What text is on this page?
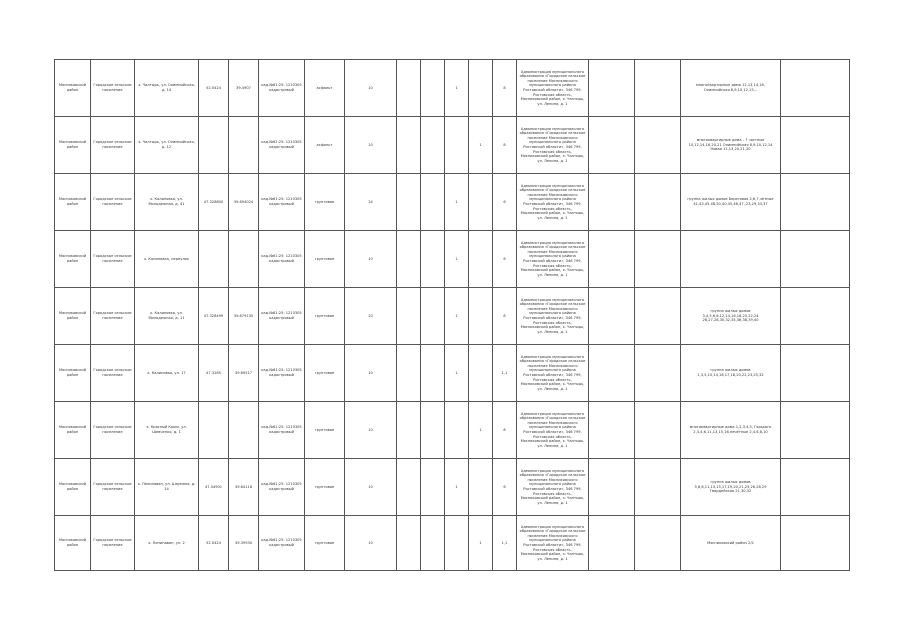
Мясниковский район	Городское сельское поселение	х. Чалтырь, ул. Олимпийская, д. 14	52.0424	39.4907	кад.№61:25: 1210305 кадастровый	асфальт	10			1		8	Администрация муниципального образования «Городское сельское поселение Мясниковского муниципального района Ростовской области», 346 799, Ростовская область, Мясниковский район, х. Чалтырь, ул. Ленина, д. 1			многоквартирные дома 12,13,14,16, Олимпийская 8,9,10,12,15,..	
Мясниковский район	Городское сельское поселение	х. Чалтырь, ул. Олимпийская, д. 12			кад.№61:25: 1210305 кадастровый	асфальт	10				1	8	Администрация муниципального образования «Городское сельское поселение Мясниковского муниципального района Ростовской области», 346 799, Ростовская область, Мясниковский район, х. Чалтырь, ул. Ленина, д. 1			многоквартирные дома - 7 частные 10,12,14,16,20,21 Олимпийская 8,9,10,12,14 Новая 11,13,20,21,30	
Мясниковский район	Городское сельское поселение	х. Калиновка, ул. Молодежная, д. 41	47.328800	39.694024	кад.№61:25: 1210305 кадастровый	грунтовое	24			1		6	Администрация муниципального образования «Городское сельское поселение Мясниковского муниципального района Ростовской области», 346 799, Ростовская область, Мясниковский район, х. Чалтырь, ул. Ленина, д. 1			группа жилых домов Береговая 2,6,7,чётные 41,43,45,48,50,40,45,46,47,,23,29,33,37	
Мясниковский район	Городское сельское поселение	х. Калиновка, переулок			кад.№61:25: 1210305 кадастровый	грунтовое	10			1		6	Администрация муниципального образования «Городское сельское поселение Мясниковского муниципального района Ростовской области», 346 799, Ростовская область, Мясниковский район, х. Чалтырь, ул. Ленина, д. 1				
Мясниковский район	Городское сельское поселение	х. Калиновка, ул. Молодежная, д. 11	47.328499	39.679135	кад.№61:25: 1210305 кадастровый	грунтовое	20			1		8	Администрация муниципального образования «Городское сельское поселение Мясниковского муниципального района Ростовской области», 346 799, Ростовская область, Мясниковский район, х. Чалтырь, ул. Ленина, д. 1			группа жилых домов 3,4,5,6,8,12,14,16,18,20,22,24 26,27,28,30,32,34,36,38,39,40	
Мясниковский район	Городское сельское поселение	х. Калиновка, ул. 17	47.3285	39.69517	кад.№61:25: 1210305 кадастровый	грунтовое	10			1		1,1	Администрация муниципального образования «Городское сельское поселение Мясниковского муниципального района Ростовской области», 346 799, Ростовская область, Мясниковский район, х. Чалтырь, ул. Ленина, д. 1			группа жилых домов 1,3,5,10,14,16,17,18,20,22,23,25,32	
Мясниковский район	Городское сельское поселение	х. Красный Крым, ул. Шевченко, д. 1			кад.№61:25: 1210305 кадастровый	грунтовое	10				1	8	Администрация муниципального образования «Городское сельское поселение Мясниковского муниципального района Ростовской области», 346 799, Ростовская область, Мясниковский район, х. Чалтырь, ул. Ленина, д. 1			многоквартирные дома 1,2,3,4,5, Горького 2,3,4,6,11,13,15,16,нечётные 2,4,6,8,10	
Мясниковский район	Городское сельское поселение	х. Ленинаван, ул. Шаумяна, д. 14	47.34901	39.64118	кад.№61:25: 1210305 кадастровый	грунтовое	10			1		6	Администрация муниципального образования «Городское сельское поселение Мясниковского муниципального района Ростовской области», 346 799, Ростовская область, Мясниковский район, х. Чалтырь, ул. Ленина, д. 1			группа жилых домов 5,6,8,11,13,15,17,19,20,21,25,26,28,29 Гвардейская 21,30,32	
Мясниковский район	Городское сельское поселение	х. Ленинаван, ул. 2	52.0424	39.39930	кад.№61:25: 1210305 кадастровый	грунтовое	10				1	1,1	Администрация муниципального образования «Городское сельское поселение Мясниковского муниципального района Ростовской области», 346 799, Ростовская область, Мясниковский район, х. Чалтырь, ул. Ленина, д. 1			Мясниковский район 2/2	
